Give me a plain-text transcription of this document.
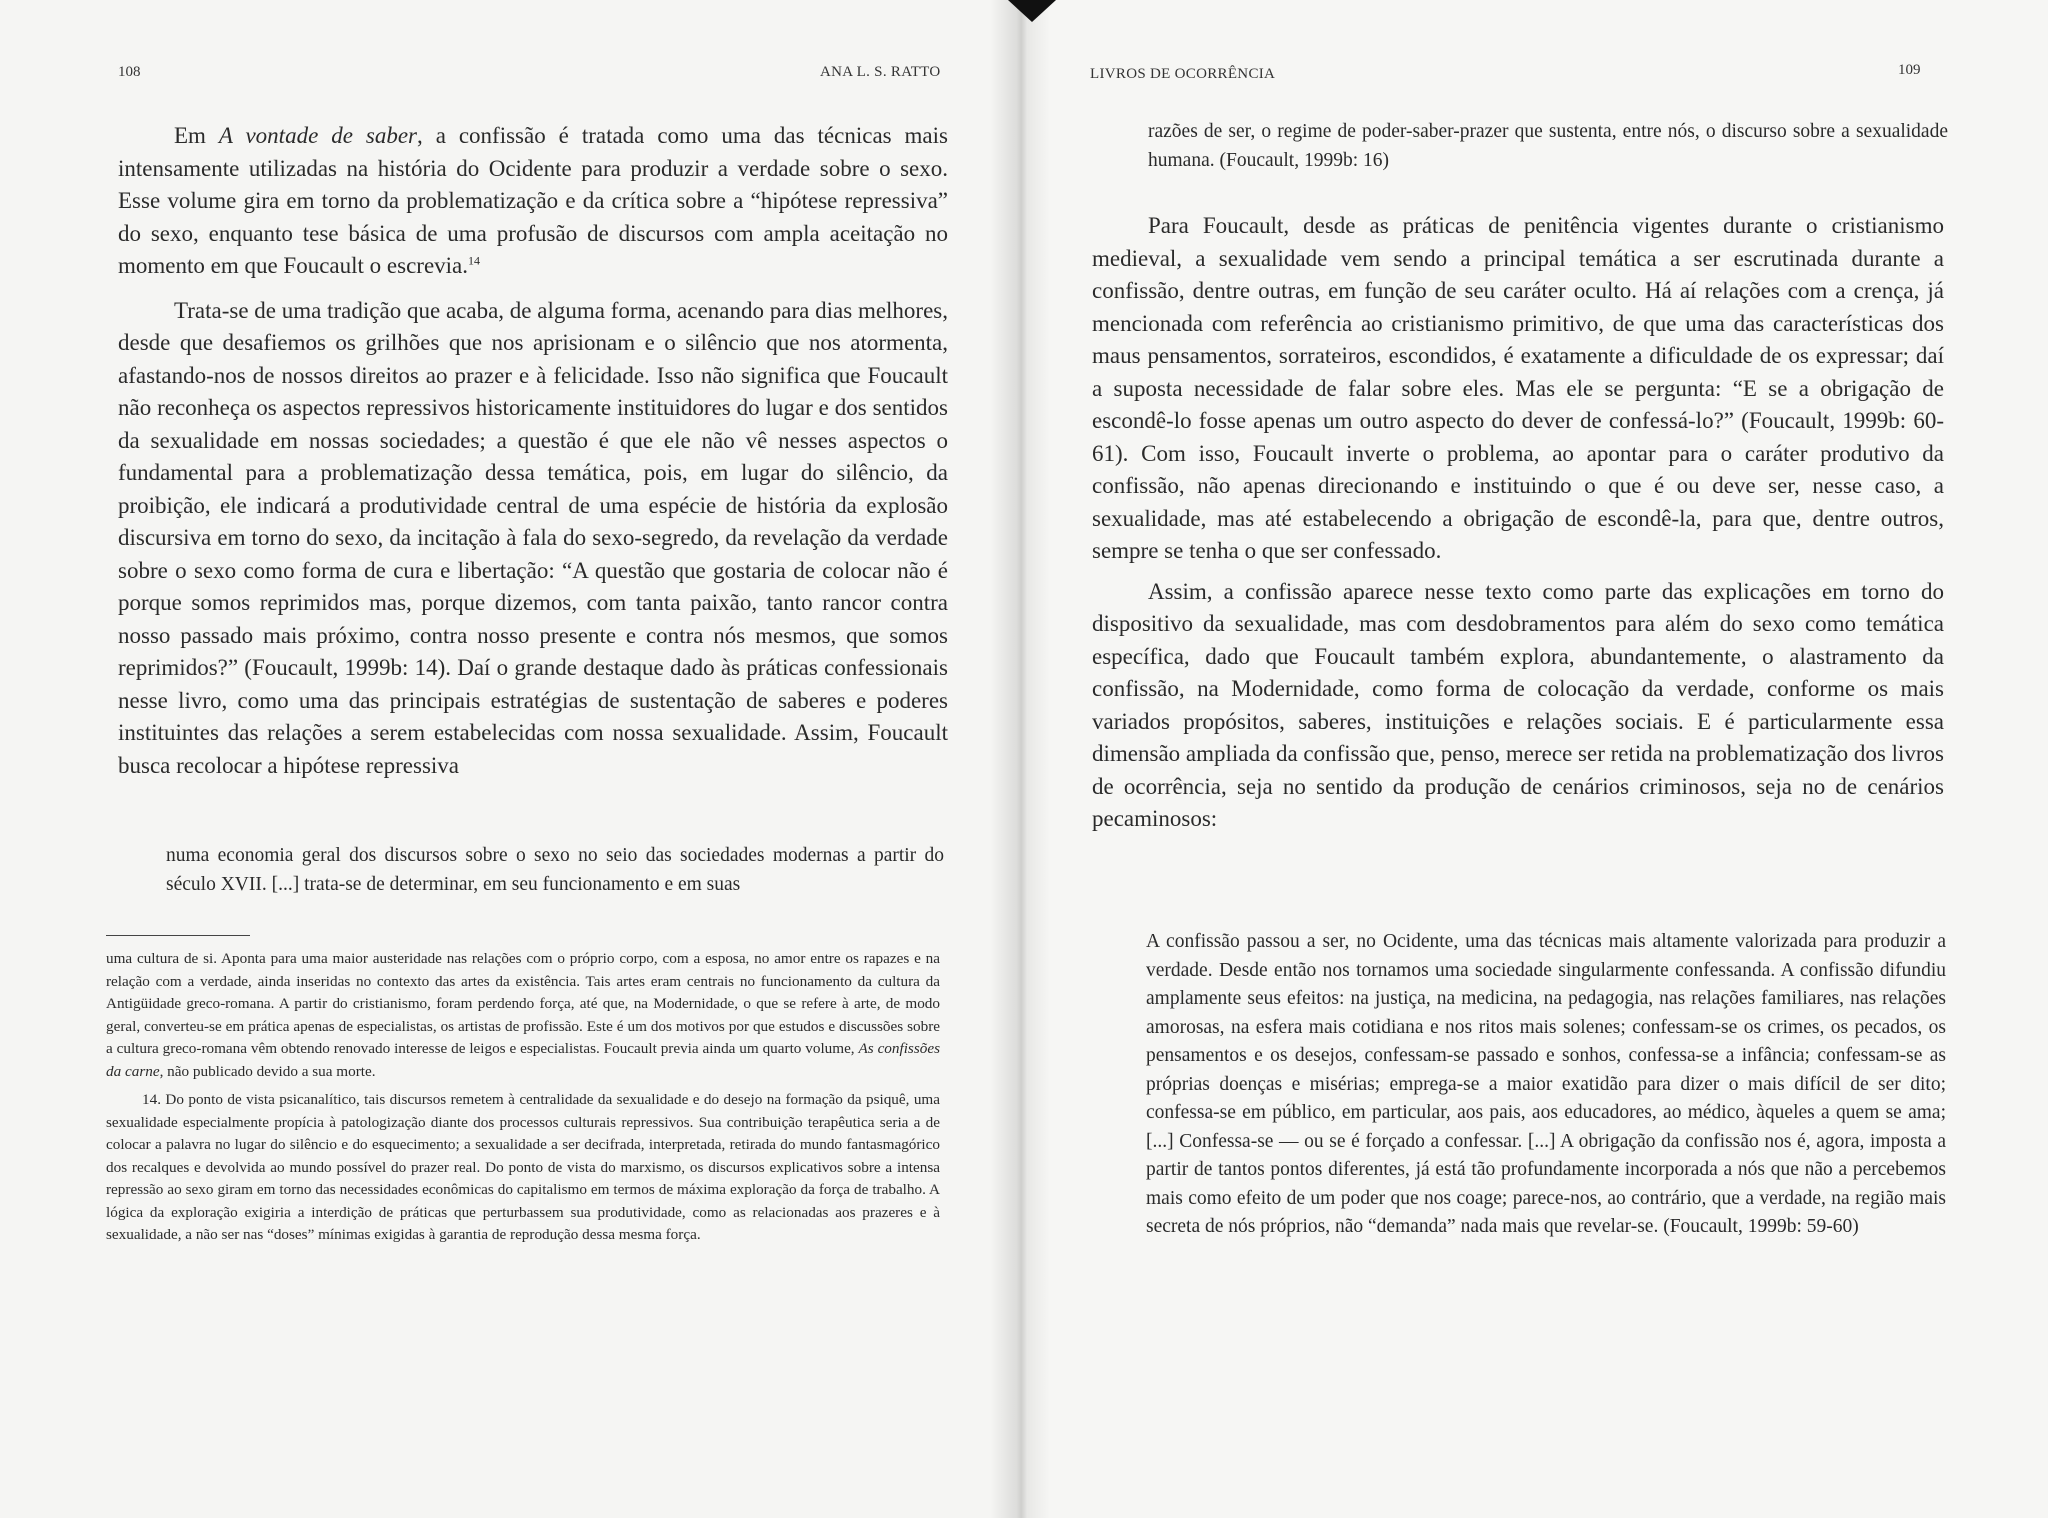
108	ANA L. S. RATTO

Em A vontade de saber, a confissão é tratada como uma das técnicas mais intensamente utilizadas na história do Ocidente para produzir a verdade sobre o sexo. Esse volume gira em torno da problematização e da crítica sobre a “hipótese repressiva” do sexo, enquanto tese básica de uma profusão de discursos com ampla aceitação no momento em que Foucault o escrevia.$^{14}$

Trata-se de uma tradição que acaba, de alguma forma, acenando para dias melhores, desde que desafiemos os grilhões que nos aprisionam e o silêncio que nos atormenta, afastando-nos de nossos direitos ao prazer e à felicidade. Isso não significa que Foucault não reconheça os aspectos repressivos historicamente instituidores do lugar e dos sentidos da sexualidade em nossas sociedades; a questão é que ele não vê nesses aspectos o fundamental para a problematização dessa temática, pois, em lugar do silêncio, da proibição, ele indicará a produtividade central de uma espécie de história da explosão discursiva em torno do sexo, da incitação à fala do sexo-segredo, da revelação da verdade sobre o sexo como forma de cura e libertação: “A questão que gostaria de colocar não é porque somos reprimidos mas, porque dizemos, com tanta paixão, tanto rancor contra nosso passado mais próximo, contra nosso presente e contra nós mesmos, que somos reprimidos?” (Foucault, 1999b: 14). Daí o grande destaque dado às práticas confessionais nesse livro, como uma das principais estratégias de sustentação de saberes e poderes instituintes das relações a serem estabelecidas com nossa sexualidade. Assim, Foucault busca recolocar a hipótese repressiva

numa economia geral dos discursos sobre o sexo no seio das sociedades modernas a partir do século XVII. [...] trata-se de determinar, em seu funcionamento e em suas

uma cultura de si. Aponta para uma maior austeridade nas relações com o próprio corpo, com a esposa, no amor entre os rapazes e na relação com a verdade, ainda inseridas no contexto das artes da existência. Tais artes eram centrais no funcionamento da cultura da Antigüidade greco-romana. A partir do cristianismo, foram perdendo força, até que, na Modernidade, o que se refere à arte, de modo geral, converteu-se em prática apenas de especialistas, os artistas de profissão. Este é um dos motivos por que estudos e discussões sobre a cultura greco-romana vêm obtendo renovado interesse de leigos e especialistas. Foucault previa ainda um quarto volume, As confissões da carne, não publicado devido a sua morte.

14. Do ponto de vista psicanalítico, tais discursos remetem à centralidade da sexualidade e do desejo na formação da psiquê, uma sexualidade especialmente propícia à patologização diante dos processos culturais repressivos. Sua contribuição terapêutica seria a de colocar a palavra no lugar do silêncio e do esquecimento; a sexualidade a ser decifrada, interpretada, retirada do mundo fantasmagórico dos recalques e devolvida ao mundo possível do prazer real. Do ponto de vista do marxismo, os discursos explicativos sobre a intensa repressão ao sexo giram em torno das necessidades econômicas do capitalismo em termos de máxima exploração da força de trabalho. A lógica da exploração exigiria a interdição de práticas que perturbassem sua produtividade, como as relacionadas aos prazeres e à sexualidade, a não ser nas “doses” mínimas exigidas à garantia de reprodução dessa mesma força.

LIVROS DE OCORRÊNCIA	109

razões de ser, o regime de poder-saber-prazer que sustenta, entre nós, o discurso sobre a sexualidade humana. (Foucault, 1999b: 16)

Para Foucault, desde as práticas de penitência vigentes durante o cristianismo medieval, a sexualidade vem sendo a principal temática a ser escrutinada durante a confissão, dentre outras, em função de seu caráter oculto. Há aí relações com a crença, já mencionada com referência ao cristianismo primitivo, de que uma das características dos maus pensamentos, sorrateiros, escondidos, é exatamente a dificuldade de os expressar; daí a suposta necessidade de falar sobre eles. Mas ele se pergunta: “E se a obrigação de escondê-lo fosse apenas um outro aspecto do dever de confessá-lo?” (Foucault, 1999b: 60-61). Com isso, Foucault inverte o problema, ao apontar para o caráter produtivo da confissão, não apenas direcionando e instituindo o que é ou deve ser, nesse caso, a sexualidade, mas até estabelecendo a obrigação de escondê-la, para que, dentre outros, sempre se tenha o que ser confessado.

Assim, a confissão aparece nesse texto como parte das explicações em torno do dispositivo da sexualidade, mas com desdobramentos para além do sexo como temática específica, dado que Foucault também explora, abundantemente, o alastramento da confissão, na Modernidade, como forma de colocação da verdade, conforme os mais variados propósitos, saberes, instituições e relações sociais. E é particularmente essa dimensão ampliada da confissão que, penso, merece ser retida na problematização dos livros de ocorrência, seja no sentido da produção de cenários criminosos, seja no de cenários pecaminosos:

A confissão passou a ser, no Ocidente, uma das técnicas mais altamente valorizada para produzir a verdade. Desde então nos tornamos uma sociedade singularmente confessanda. A confissão difundiu amplamente seus efeitos: na justiça, na medicina, na pedagogia, nas relações familiares, nas relações amorosas, na esfera mais cotidiana e nos ritos mais solenes; confessam-se os crimes, os pecados, os pensamentos e os desejos, confessam-se passado e sonhos, confessa-se a infância; confessam-se as próprias doenças e misérias; emprega-se a maior exatidão para dizer o mais difícil de ser dito; confessa-se em público, em particular, aos pais, aos educadores, ao médico, àqueles a quem se ama; [...] Confessa-se — ou se é forçado a confessar. [...] A obrigação da confissão nos é, agora, imposta a partir de tantos pontos diferentes, já está tão profundamente incorporada a nós que não a percebemos mais como efeito de um poder que nos coage; parece-nos, ao contrário, que a verdade, na região mais secreta de nós próprios, não “demanda” nada mais que revelar-se. (Foucault, 1999b: 59-60)
